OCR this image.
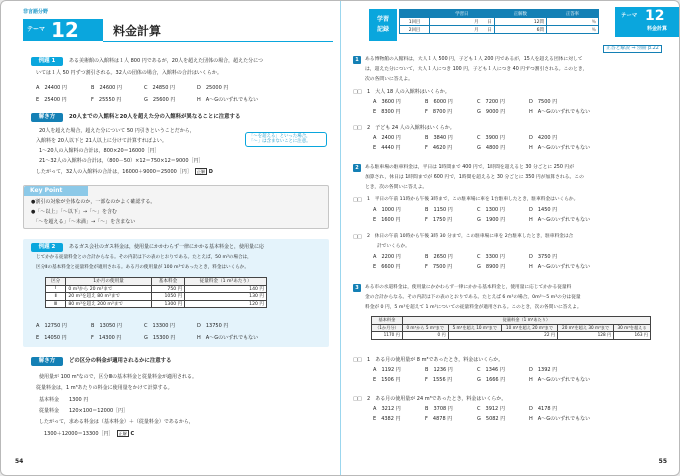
非言語分野
テーマ 12	料金計算
例題 1	ある美術館の入館料は１人 800 円であるが，20人を超えた団体の場合，超えた分につ
いては１人 50 円ずつ割引される。32人の団体の場合，入館料の合計はいくらか。
A　 24400 円	B　 24600 円	C　 24850 円	D　 25000 円
E　 25400 円	F　 25550 円	G　 25600 円	H　 A～Gのいずれでもない
解き方	20人までの入館料と20人を超えた分の入館料が異なることに注意する
20人を超えた場合，超えた分について 50 円引きということだから，
入館料を 20人以下と 21人以上に分けて計算すればよい。
1～20人の入館料の合計は，800×20＝16000［円］
21～32人の入館料の合計は，（800－50）×12＝750×12＝9000［円］
したがって，32人の入館料の合計は，16000＋9000＝25000［円］ 正解 D
「～を超える」といった場合，
「～」は含まないことに注意。
Key Point
●割引の対象が全体なのか，一部なのかよく確認する。
●「～以上」「～以下」→「～」を含む
　「～を超える」「～未満」→「～」を含まない
例題 2	あるガス会社のガス料金は，使用量にかかわらず一律にかかる基本料金と，使用量に応
じてかかる従量料金との合計からなる。その内訳は下の表のとおりである。たとえば，50 m³の場合は，
区分Ⅱの基本料金と従量料金が適用される。ある月の使用量が 100 m³であったとき，料金はいくらか。
区分	1か月の使用量	基本料金	従量料金（1 m³あたり）
Ⅰ	0 m³から 20 m³まで	750 円	140 円
Ⅱ	20 m³を超え 80 m³まで	1050 円	130 円
Ⅲ	80 m³を超え 200 m³まで	1300 円	120 円
A　 12750 円	B　 13050 円	C　 13300 円	D　 13750 円
E　 14050 円	F　 14300 円	G　 15300 円	H　 A～Gのいずれでもない
解き方	どの区分の料金が適用されるかに注意する
使用量が 100 m³なので，区分Ⅲの基本料金と従量料金が適用される。
従量料金は，1 m³あたりの料金に使用量をかけて計算する。
基本料金　　1300 円
従量料金　　120×100＝12000［円］
したがって，求める料金は（基本料金）＋（従量料金）であるから，
　1300＋12000＝13300［円］ 正解 C
54
学習
記録
	学習日	正解数	正答率
1回目	月　　日	12問	％
2回目	月　　日	6問	％
テーマ 12
料金計算
正答と解説 ⇒ 別冊 p.22
1	ある博物館の入館料は，大人１人 500 円，子ども１人 200 円であるが，15人を超える団体に対して
は，超えた分について，大人１人につき 100 円，子ども１人につき 40 円ずつ割引される。このとき，
次の各問いに答えよ。
□□ 1　 大人 18 人の入館料はいくらか。
A　 3600 円	B　 6000 円	C　 7200 円	D　 7500 円
E　 8300 円	F　 8700 円	G　 9000 円	H　 A～Gのいずれでもない
□□ 2　 子ども 24 人の入館料はいくらか。
A　 2400 円	B　 3840 円	C　 3900 円	D　 4200 円
E　 4440 円	F　 4620 円	G　 4800 円	H　 A～Gのいずれでもない
2	ある駐車場の駐車料金は，平日は 1時間まで 400 円で，1時間を超えると 30 分ごとに 250 円が
加算され，休日は 1時間までが 600 円で，1時間を超えると 30 分ごとに 350 円が加算される。この
とき，次の各問いに答えよ。
□□ 1　 平日の午前 11時から午後 3時まで，この駐車場に車を 1台駐車したとき，駐車料金はいくらか。
A　 1000 円	B　 1150 円	C　 1300 円	D　 1450 円
E　 1600 円	F　 1750 円	G　 1900 円	H　 A～Gのいずれでもない
□□ 2　 休日の午前 10時から午後 3時 30 分まで，この駐車場に車を 2台駐車したとき，駐車料金は合
計でいくらか。
A　 2200 円	B　 2650 円	C　 3300 円	D　 3750 円
E　 6600 円	F　 7500 円	G　 8900 円	H　 A～Gのいずれでもない
3	ある市の水道料金は，使用量にかかわらず一律にかかる基本料金と，使用量に応じてかかる従量料
金の合計からなる。その内訳は下の表のとおりである。たとえば 6 m³の場合，0m³～5 m³の分は従量
料金が 0 円，5 m³を超えて 1 m³についての従量料金が適用される。このとき，次の各問いに答えよ。
基本料金	従量料金（1 m³あたり）				
（1か月分）	0 m³から 5 m³まで	5 m³を超え 10 m³まで	10 m³を超え 20 m³まで	20 m³を超え 30 m³まで	30 m³を超える
1170 円	0 円	22 円		128 円	163 円
□□ 1　 ある月の使用量が 8 m³であったとき，料金はいくらか。
A　 1192 円	B　 1236 円	C　 1346 円	D　 1392 円
E　 1506 円	F　 1556 円	G　 1666 円	H　 A～Gのいずれでもない
□□ 2　 ある月の使用量が 24 m³であったとき，料金はいくらか。
A　 3212 円	B　 3708 円	C　 3912 円	D　 4178 円
E　 4382 円	F　 4878 円	G　 5082 円	H　 A～Gのいずれでもない
55
